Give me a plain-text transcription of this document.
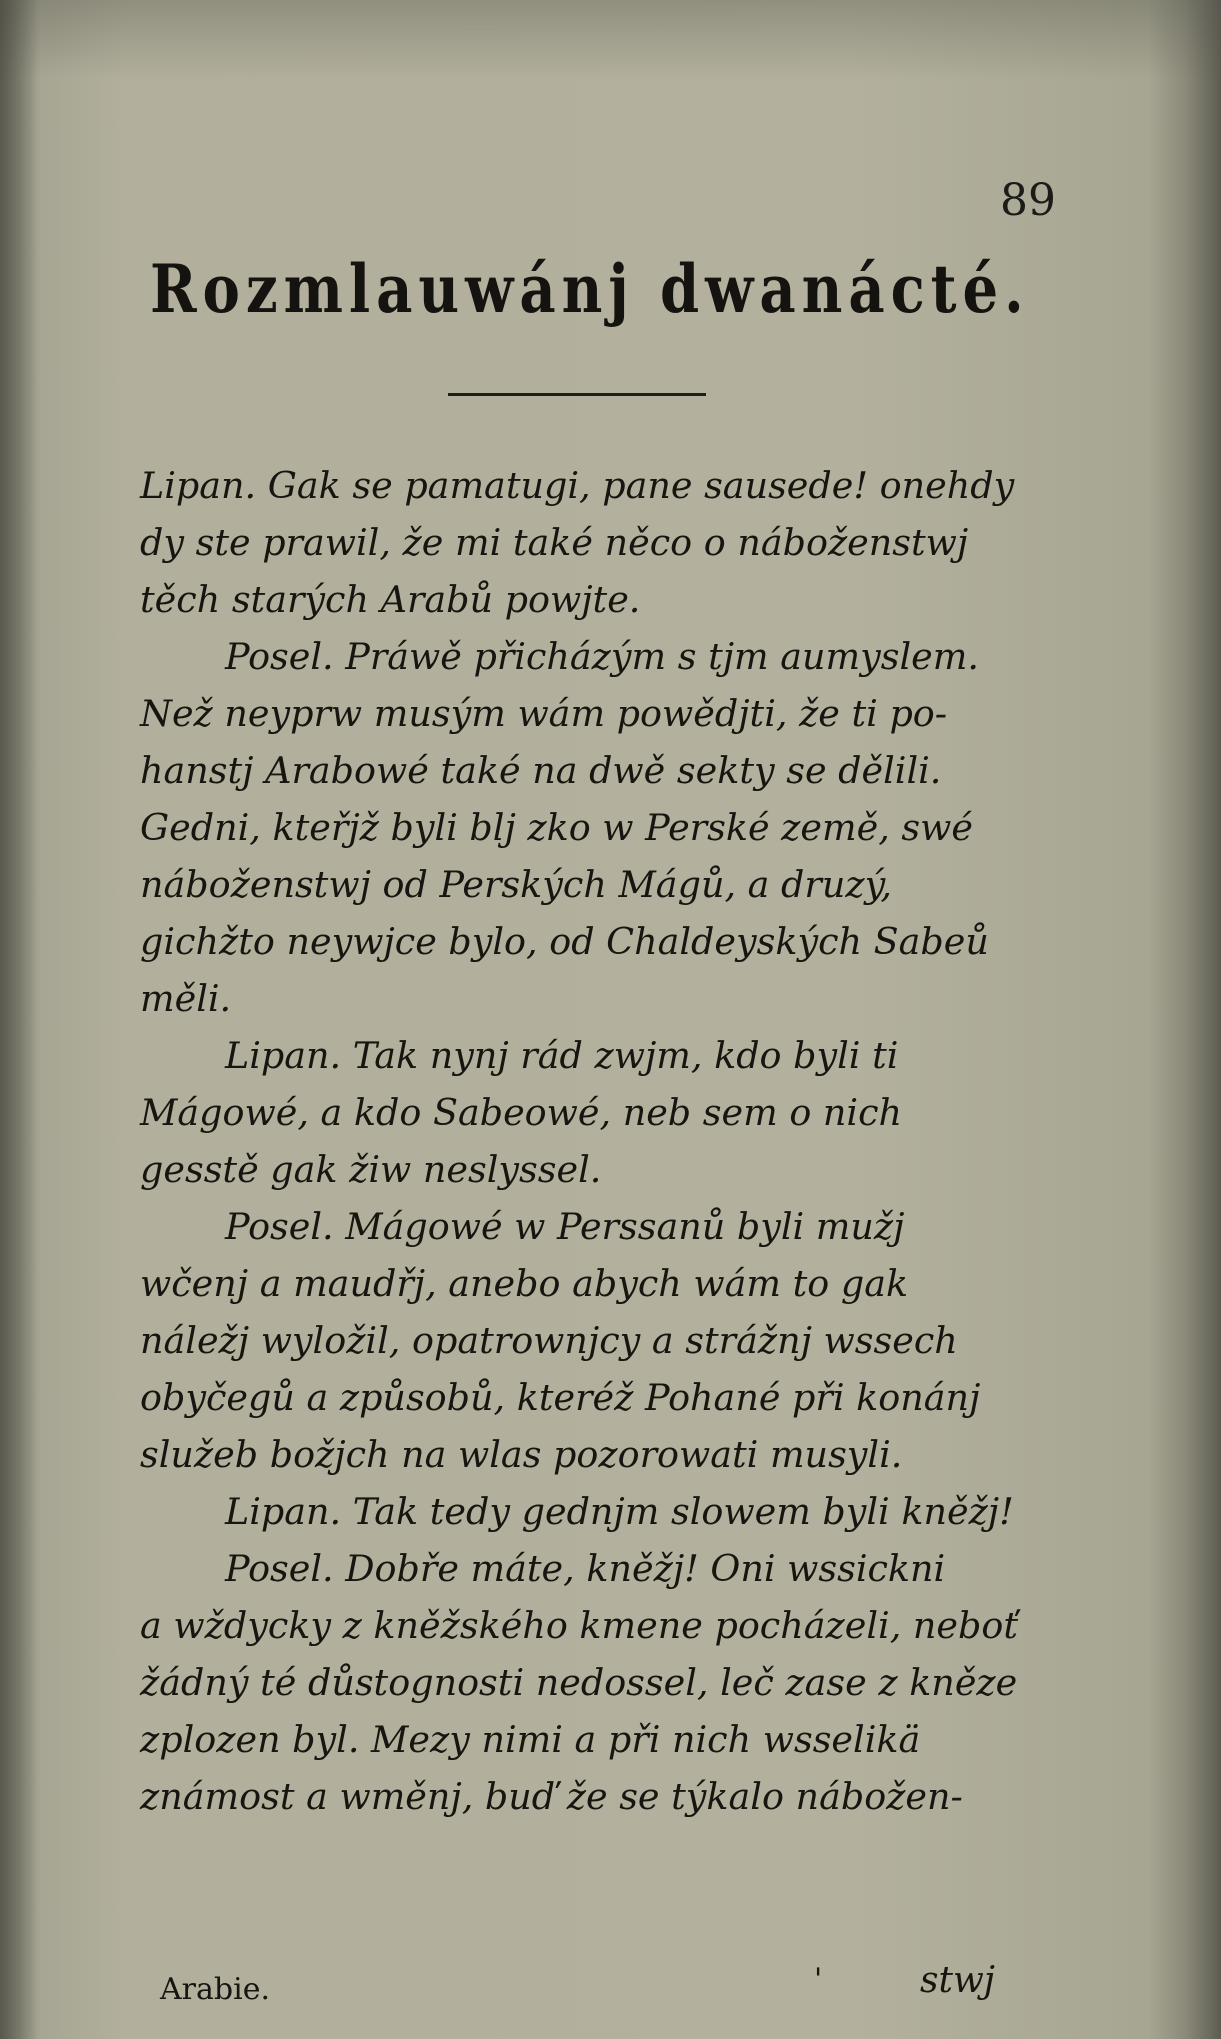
89
Rozmlauwánj dwanácté.
Lipan. Gak se pamatugi, pane sausede! onehdy
dy ste prawil, že mi také něco o náboženstwj
těch starých Arabů powjte.
Posel. Práwě přicházým s tjm aumyslem.
Než neyprw musým wám powědjti, že ti po-
hanstj Arabowé také na dwě sekty se dělili.
Gedni, kteřjž byli blj zko w Perské země, swé
náboženstwj od Perských Mágů, a druzý,
gichžto neywjce bylo, od Chaldeyských Sabeů
měli.
Lipan. Tak nynj rád zwjm, kdo byli ti
Mágowé, a kdo Sabeowé, neb sem o nich
gesstě gak žiw neslyssel.
Posel. Mágowé w Perssanů byli mužj
wčenj a maudřj, anebo abych wám to gak
náležj wyložil, opatrownjcy a strážnj wssech
obyčegů a způsobů, kteréž Pohané při konánj
služeb božjch na wlas pozorowati musyli.
Lipan. Tak tedy gednjm slowem byli kněžj!
Posel. Dobře máte, kněžj! Oni wssickni
a wždycky z kněžského kmene pocházeli, neboť
žádný té důstognosti nedossel, leč zase z kněze
zplozen byl. Mezy nimi a při nich wsselikä
známost a wměnj, buď že se týkalo nábožen-
Arabie.	'	stwj
